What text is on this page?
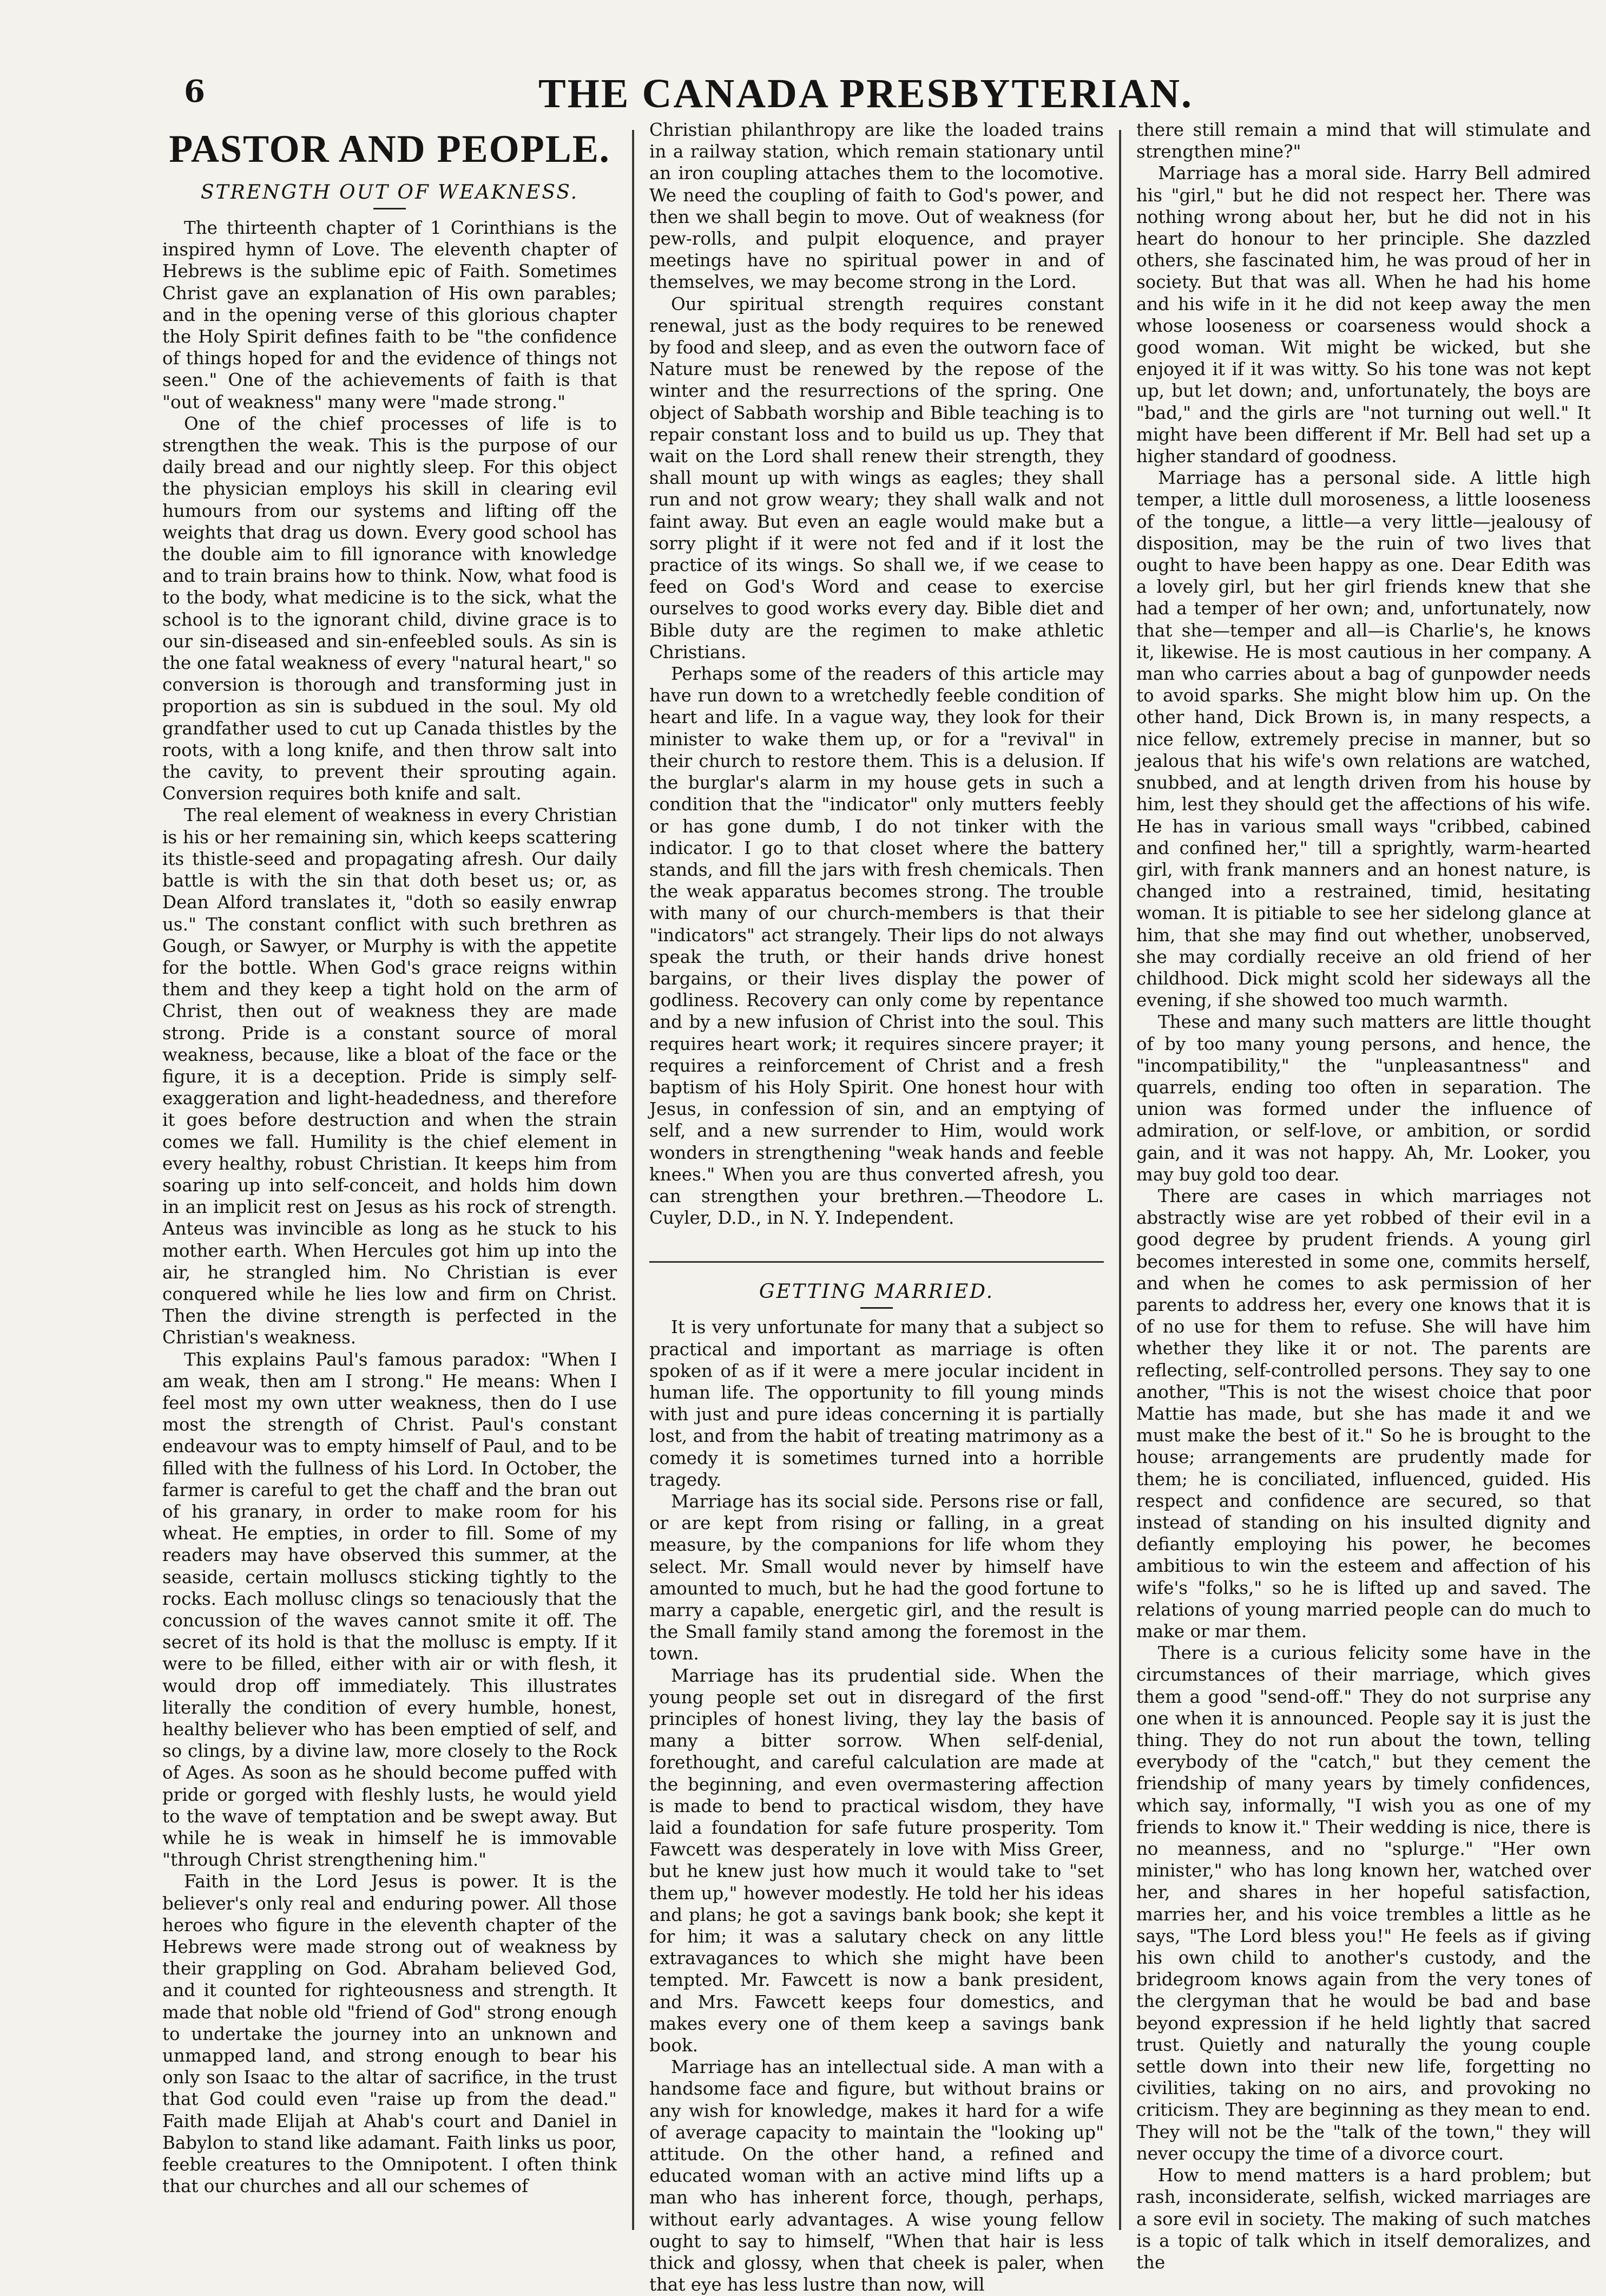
6	THE CANADA PRESBYTERIAN.
PASTOR AND PEOPLE.
STRENGTH OUT OF WEAKNESS.

The thirteenth chapter of 1 Corinthians is the inspired hymn of Love. The eleventh chapter of Hebrews is the sublime epic of Faith. Sometimes Christ gave an explanation of His own parables; and in the opening verse of this glorious chapter the Holy Spirit defines faith to be "the confidence of things hoped for and the evidence of things not seen." One of the achievements of faith is that "out of weakness" many were "made strong."

One of the chief processes of life is to strengthen the weak. This is the purpose of our daily bread and our nightly sleep. For this object the physician employs his skill in clearing evil humours from our systems and lifting off the weights that drag us down. Every good school has the double aim to fill ignorance with knowledge and to train brains how to think. Now, what food is to the body, what medicine is to the sick, what the school is to the ignorant child, divine grace is to our sin-diseased and sin-enfeebled souls. As sin is the one fatal weakness of every "natural heart," so conversion is thorough and transforming just in proportion as sin is subdued in the soul. My old grandfather used to cut up Canada thistles by the roots, with a long knife, and then throw salt into the cavity, to prevent their sprouting again. Conversion requires both knife and salt.

The real element of weakness in every Christian is his or her remaining sin, which keeps scattering its thistle-seed and propagating afresh. Our daily battle is with the sin that doth beset us; or, as Dean Alford translates it, "doth so easily enwrap us." The constant conflict with such brethren as Gough, or Sawyer, or Murphy is with the appetite for the bottle. When God's grace reigns within them and they keep a tight hold on the arm of Christ, then out of weakness they are made strong. Pride is a constant source of moral weakness, because, like a bloat of the face or the figure, it is a deception. Pride is simply self-exaggeration and light-headedness, and therefore it goes before destruction and when the strain comes we fall. Humility is the chief element in every healthy, robust Christian. It keeps him from soaring up into self-conceit, and holds him down in an implicit rest on Jesus as his rock of strength. Anteus was invincible as long as he stuck to his mother earth. When Hercules got him up into the air, he strangled him. No Christian is ever conquered while he lies low and firm on Christ. Then the divine strength is perfected in the Christian's weakness.

This explains Paul's famous paradox: "When I am weak, then am I strong." He means: When I feel most my own utter weakness, then do I use most the strength of Christ. Paul's constant endeavour was to empty himself of Paul, and to be filled with the fullness of his Lord. In October, the farmer is careful to get the chaff and the bran out of his granary, in order to make room for his wheat. He empties, in order to fill. Some of my readers may have observed this summer, at the seaside, certain molluscs sticking tightly to the rocks. Each mollusc clings so tenaciously that the concussion of the waves cannot smite it off. The secret of its hold is that the mollusc is empty. If it were to be filled, either with air or with flesh, it would drop off immediately. This illustrates literally the condition of every humble, honest, healthy believer who has been emptied of self, and so clings, by a divine law, more closely to the Rock of Ages. As soon as he should become puffed with pride or gorged with fleshly lusts, he would yield to the wave of temptation and be swept away. But while he is weak in himself he is immovable "through Christ strengthening him."

Faith in the Lord Jesus is power. It is the believer's only real and enduring power. All those heroes who figure in the eleventh chapter of the Hebrews were made strong out of weakness by their grappling on God. Abraham believed God, and it counted for righteousness and strength. It made that noble old "friend of God" strong enough to undertake the journey into an unknown and unmapped land, and strong enough to bear his only son Isaac to the altar of sacrifice, in the trust that God could even "raise up from the dead." Faith made Elijah at Ahab's court and Daniel in Babylon to stand like adamant. Faith links us poor, feeble creatures to the Omnipotent. I often think that our churches and all our schemes of

Christian philanthropy are like the loaded trains in a railway station, which remain stationary until an iron coupling attaches them to the locomotive. We need the coupling of faith to God's power, and then we shall begin to move. Out of weakness (for pew-rolls, and pulpit eloquence, and prayer meetings have no spiritual power in and of themselves, we may become strong in the Lord.

Our spiritual strength requires constant renewal, just as the body requires to be renewed by food and sleep, and as even the outworn face of Nature must be renewed by the repose of the winter and the resurrections of the spring. One object of Sabbath worship and Bible teaching is to repair constant loss and to build us up. They that wait on the Lord shall renew their strength, they shall mount up with wings as eagles; they shall run and not grow weary; they shall walk and not faint away. But even an eagle would make but a sorry plight if it were not fed and if it lost the practice of its wings. So shall we, if we cease to feed on God's Word and cease to exercise ourselves to good works every day. Bible diet and Bible duty are the regimen to make athletic Christians.

Perhaps some of the readers of this article may have run down to a wretchedly feeble condition of heart and life. In a vague way, they look for their minister to wake them up, or for a "revival" in their church to restore them. This is a delusion. If the burglar's alarm in my house gets in such a condition that the "indicator" only mutters feebly or has gone dumb, I do not tinker with the indicator. I go to that closet where the battery stands, and fill the jars with fresh chemicals. Then the weak apparatus becomes strong. The trouble with many of our church-members is that their "indicators" act strangely. Their lips do not always speak the truth, or their hands drive honest bargains, or their lives display the power of godliness. Recovery can only come by repentance and by a new infusion of Christ into the soul. This requires heart work; it requires sincere prayer; it requires a reinforcement of Christ and a fresh baptism of his Holy Spirit. One honest hour with Jesus, in confession of sin, and an emptying of self, and a new surrender to Him, would work wonders in strengthening "weak hands and feeble knees." When you are thus converted afresh, you can strengthen your brethren.—Theodore L. Cuyler, D.D., in N. Y. Independent.

GETTING MARRIED.

It is very unfortunate for many that a subject so practical and important as marriage is often spoken of as if it were a mere jocular incident in human life. The opportunity to fill young minds with just and pure ideas concerning it is partially lost, and from the habit of treating matrimony as a comedy it is sometimes turned into a horrible tragedy.

Marriage has its social side. Persons rise or fall, or are kept from rising or falling, in a great measure, by the companions for life whom they select. Mr. Small would never by himself have amounted to much, but he had the good fortune to marry a capable, energetic girl, and the result is the Small family stand among the foremost in the town.

Marriage has its prudential side. When the young people set out in disregard of the first principles of honest living, they lay the basis of many a bitter sorrow. When self-denial, forethought, and careful calculation are made at the beginning, and even overmastering affection is made to bend to practical wisdom, they have laid a foundation for safe future prosperity. Tom Fawcett was desperately in love with Miss Greer, but he knew just how much it would take to "set them up," however modestly. He told her his ideas and plans; he got a savings bank book; she kept it for him; it was a salutary check on any little extravagances to which she might have been tempted. Mr. Fawcett is now a bank president, and Mrs. Fawcett keeps four domestics, and makes every one of them keep a savings bank book.

Marriage has an intellectual side. A man with a handsome face and figure, but without brains or any wish for knowledge, makes it hard for a wife of average capacity to maintain the "looking up" attitude. On the other hand, a refined and educated woman with an active mind lifts up a man who has inherent force, though, perhaps, without early advantages. A wise young fellow ought to say to himself, "When that hair is less thick and glossy, when that cheek is paler, when that eye has less lustre than now, will

there still remain a mind that will stimulate and strengthen mine?"

Marriage has a moral side. Harry Bell admired his "girl," but he did not respect her. There was nothing wrong about her, but he did not in his heart do honour to her principle. She dazzled others, she fascinated him, he was proud of her in society. But that was all. When he had his home and his wife in it he did not keep away the men whose looseness or coarseness would shock a good woman. Wit might be wicked, but she enjoyed it if it was witty. So his tone was not kept up, but let down; and, unfortunately, the boys are "bad," and the girls are "not turning out well." It might have been different if Mr. Bell had set up a higher standard of goodness.

Marriage has a personal side. A little high temper, a little dull moroseness, a little looseness of the tongue, a little—a very little—jealousy of disposition, may be the ruin of two lives that ought to have been happy as one. Dear Edith was a lovely girl, but her girl friends knew that she had a temper of her own; and, unfortunately, now that she—temper and all—is Charlie's, he knows it, likewise. He is most cautious in her company. A man who carries about a bag of gunpowder needs to avoid sparks. She might blow him up. On the other hand, Dick Brown is, in many respects, a nice fellow, extremely precise in manner, but so jealous that his wife's own relations are watched, snubbed, and at length driven from his house by him, lest they should get the affections of his wife. He has in various small ways "cribbed, cabined and confined her," till a sprightly, warm-hearted girl, with frank manners and an honest nature, is changed into a restrained, timid, hesitating woman. It is pitiable to see her sidelong glance at him, that she may find out whether, unobserved, she may cordially receive an old friend of her childhood. Dick might scold her sideways all the evening, if she showed too much warmth.

These and many such matters are little thought of by too many young persons, and hence, the "incompatibility," the "unpleasantness" and quarrels, ending too often in separation. The union was formed under the influence of admiration, or self-love, or ambition, or sordid gain, and it was not happy. Ah, Mr. Looker, you may buy gold too dear.

There are cases in which marriages not abstractly wise are yet robbed of their evil in a good degree by prudent friends. A young girl becomes interested in some one, commits herself, and when he comes to ask permission of her parents to address her, every one knows that it is of no use for them to refuse. She will have him whether they like it or not. The parents are reflecting, self-controlled persons. They say to one another, "This is not the wisest choice that poor Mattie has made, but she has made it and we must make the best of it." So he is brought to the house; arrangements are prudently made for them; he is conciliated, influenced, guided. His respect and confidence are secured, so that instead of standing on his insulted dignity and defiantly employing his power, he becomes ambitious to win the esteem and affection of his wife's "folks," so he is lifted up and saved. The relations of young married people can do much to make or mar them.

There is a curious felicity some have in the circumstances of their marriage, which gives them a good "send-off." They do not surprise any one when it is announced. People say it is just the thing. They do not run about the town, telling everybody of the "catch," but they cement the friendship of many years by timely confidences, which say, informally, "I wish you as one of my friends to know it." Their wedding is nice, there is no meanness, and no "splurge." "Her own minister," who has long known her, watched over her, and shares in her hopeful satisfaction, marries her, and his voice trembles a little as he says, "The Lord bless you!" He feels as if giving his own child to another's custody, and the bridegroom knows again from the very tones of the clergyman that he would be bad and base beyond expression if he held lightly that sacred trust. Quietly and naturally the young couple settle down into their new life, forgetting no civilities, taking on no airs, and provoking no criticism. They are beginning as they mean to end. They will not be the "talk of the town," they will never occupy the time of a divorce court.

How to mend matters is a hard problem; but rash, inconsiderate, selfish, wicked marriages are a sore evil in society. The making of such matches is a topic of talk which in itself demoralizes, and the
